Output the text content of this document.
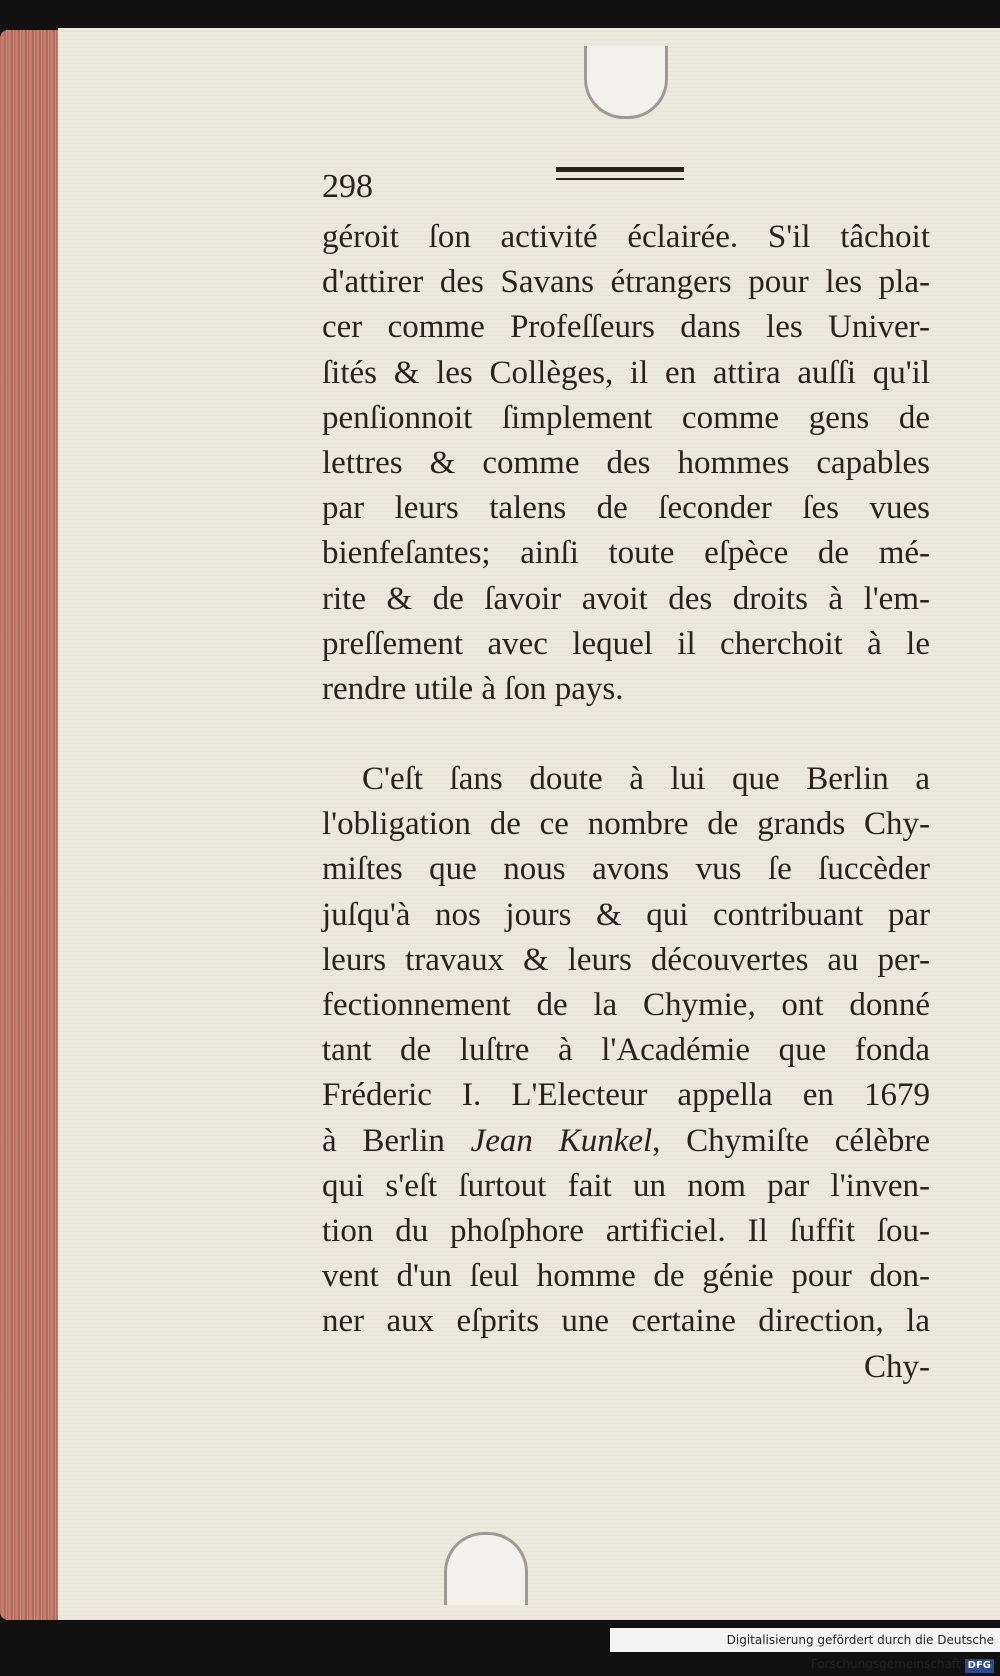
298
géroit ſon activité éclairée. S'il tâchoit
d'attirer des Savans étrangers pour les pla-
cer comme Profeſſeurs dans les Univer-
ſités & les Collèges, il en attira auſſi qu'il
penſionnoit ſimplement comme gens de
lettres & comme des hommes capables
par leurs talens de ſeconder ſes vues
bienfeſantes; ainſi toute eſpèce de mé-
rite & de ſavoir avoit des droits à l'em-
preſſement avec lequel il cherchoit à le
rendre utile à ſon pays.
C'eſt ſans doute à lui que Berlin a
l'obligation de ce nombre de grands Chy-
miſtes que nous avons vus ſe ſuccèder
juſqu'à nos jours & qui contribuant par
leurs travaux & leurs découvertes au per-
fectionnement de la Chymie, ont donné
tant de luſtre à l'Académie que fonda
Fréderic I. L'Electeur appella en 1679
à Berlin Jean Kunkel, Chymiſte célèbre
qui s'eſt ſurtout fait un nom par l'inven-
tion du phoſphore artificiel. Il ſuffit ſou-
vent d'un ſeul homme de génie pour don-
ner aux eſprits une certaine direction, la
Chy-
Digitalisierung gefördert durch die Deutsche Forschungsgemeinschaft DFG
